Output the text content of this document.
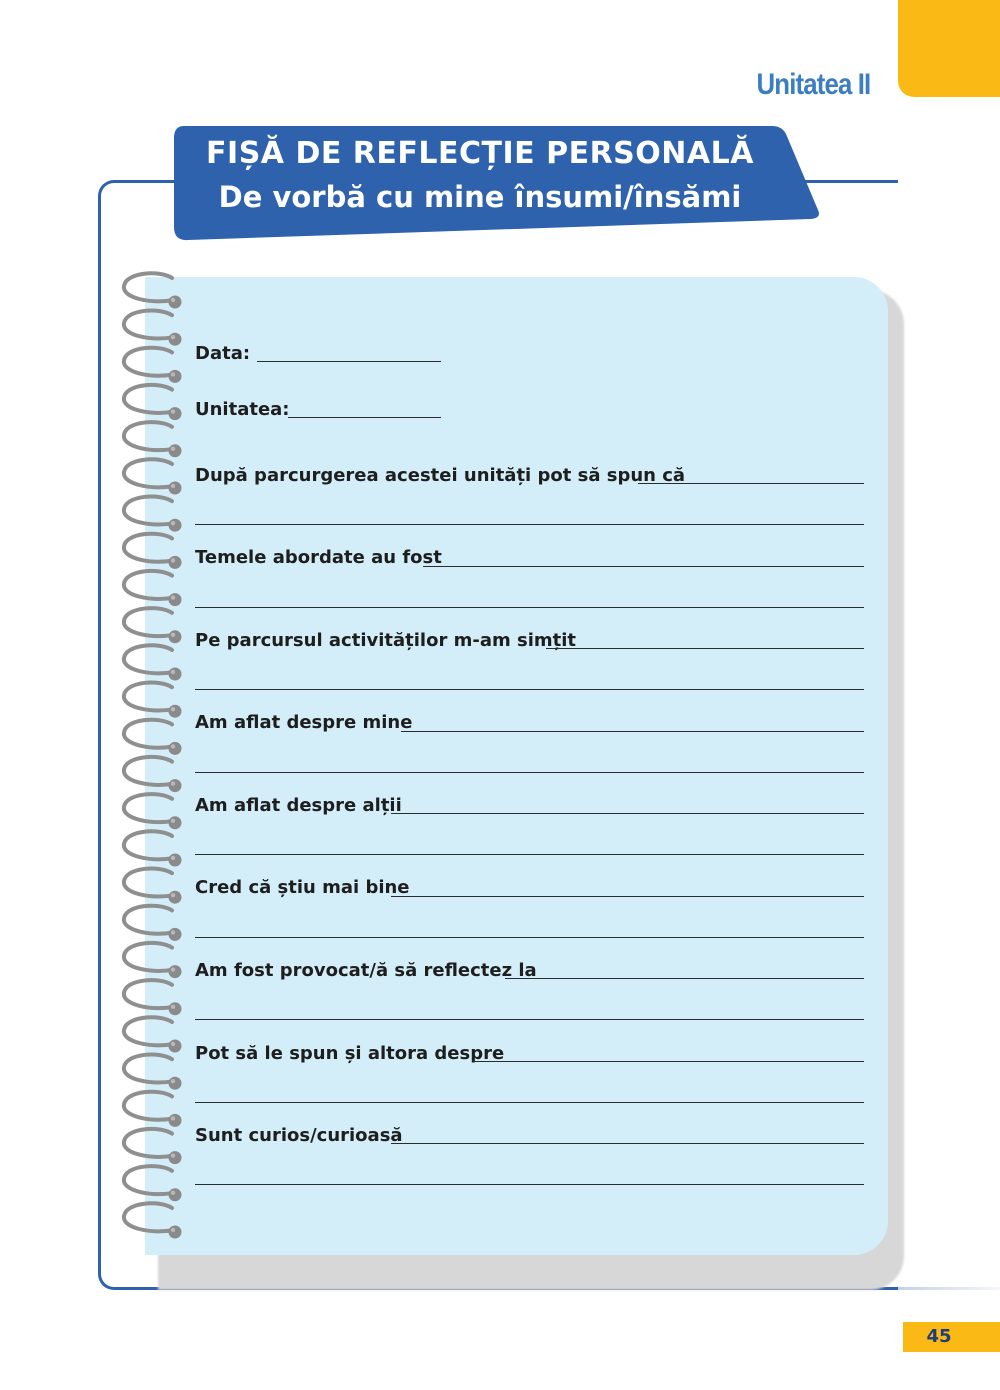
Unitatea II
FIȘĂ DE REFLECȚIE PERSONALĂ
De vorbă cu mine însumi/însămi
Data:
Unitatea:
După parcurgerea acestei unități pot să spun că
Temele abordate au fost
Pe parcursul activităților m-am simțit
Am aflat despre mine
Am aflat despre alții
Cred că știu mai bine
Am fost provocat/ă să reflectez la
Pot să le spun și altora despre
Sunt curios/curioasă
45
